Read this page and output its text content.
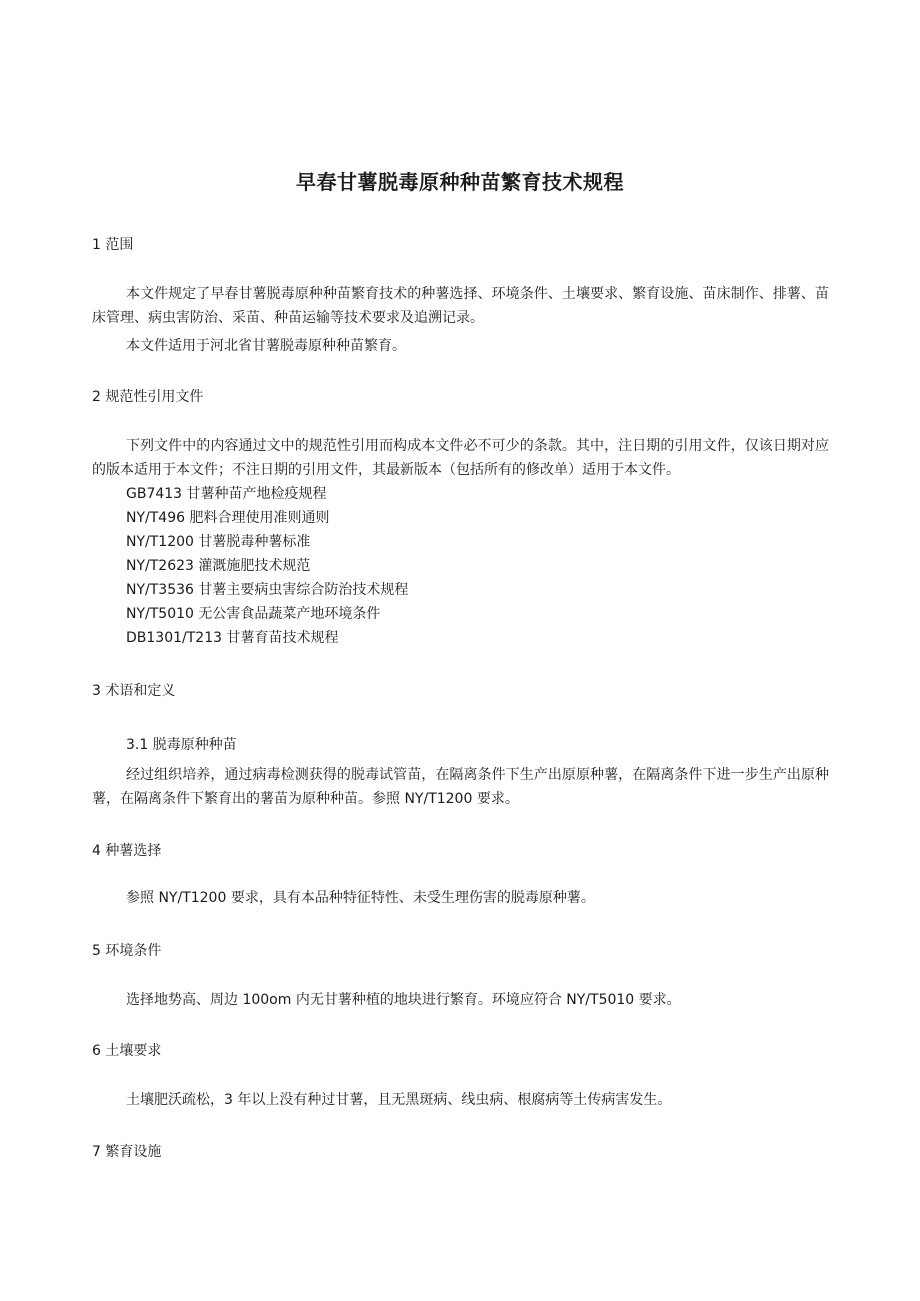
早春甘薯脱毒原种种苗繁育技术规程
1 范围
本文件规定了早春甘薯脱毒原种种苗繁育技术的种薯选择、环境条件、土壤要求、繁育设施、苗床制作、排薯、苗床管理、病虫害防治、采苗、种苗运输等技术要求及追溯记录。
本文件适用于河北省甘薯脱毒原种种苗繁育。
2 规范性引用文件
下列文件中的内容通过文中的规范性引用而构成本文件必不可少的条款。其中，注日期的引用文件，仅该日期对应的版本适用于本文件；不注日期的引用文件，其最新版本（包括所有的修改单）适用于本文件。
GB7413 甘薯种苗产地检疫规程
NY/T496 肥料合理使用准则通则
NY/T1200 甘薯脱毒种薯标准
NY/T2623 灌溉施肥技术规范
NY/T3536 甘薯主要病虫害综合防治技术规程
NY/T5010 无公害食品蔬菜产地环境条件
DB1301/T213 甘薯育苗技术规程
3 术语和定义
3.1 脱毒原种种苗
经过组织培养，通过病毒检测获得的脱毒试管苗，在隔离条件下生产出原原种薯，在隔离条件下进一步生产出原种薯，在隔离条件下繁育出的薯苗为原种种苗。参照 NY/T1200 要求。
4 种薯选择
参照 NY/T1200 要求，具有本品种特征特性、未受生理伤害的脱毒原种薯。
5 环境条件
选择地势高、周边 100om 内无甘薯种植的地块进行繁育。环境应符合 NY/T5010 要求。
6 土壤要求
土壤肥沃疏松，3 年以上没有种过甘薯，且无黑斑病、线虫病、根腐病等土传病害发生。
7 繁育设施
